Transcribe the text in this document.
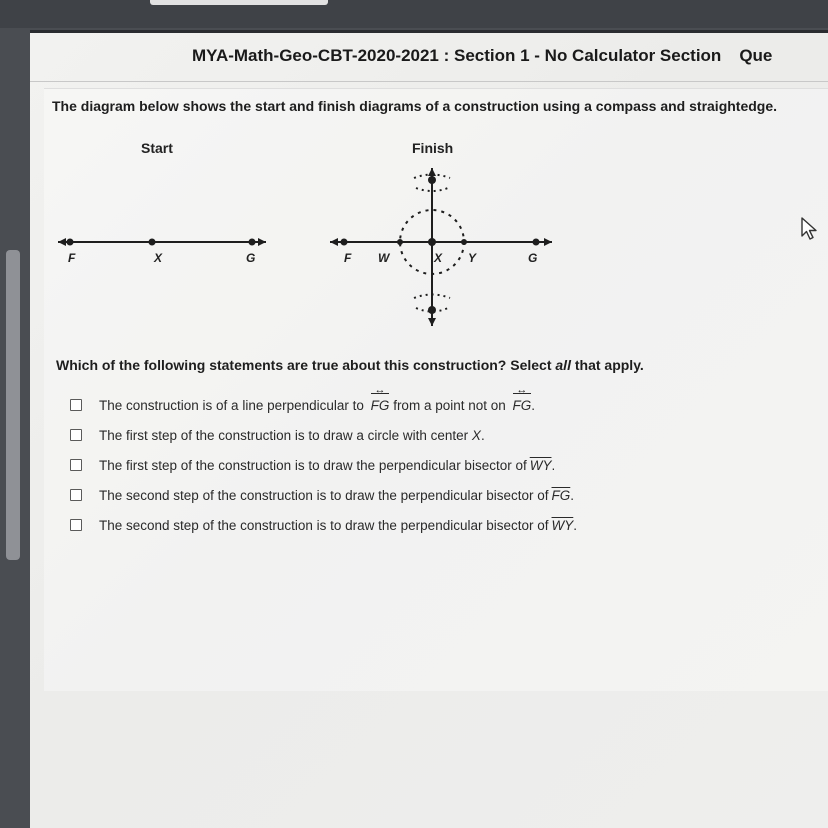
MYA-Math-Geo-CBT-2020-2021 : Section 1 - No Calculator Section Que
The diagram below shows the start and finish diagrams of a construction using a compass and straightedge.
Start	Finish
F	X	G	F W	X Y	G
Which of the following statements are true about this construction? Select all that apply.
The construction is of a line perpendicular to FG ↔ from a point not on FG ↔.
The first step of the construction is to draw a circle with center X.
The first step of the construction is to draw the perpendicular bisector of $\overline{WY}$.
The second step of the construction is to draw the perpendicular bisector of $\overline{FG}$.
The second step of the construction is to draw the perpendicular bisector of $\overline{WY}$.
